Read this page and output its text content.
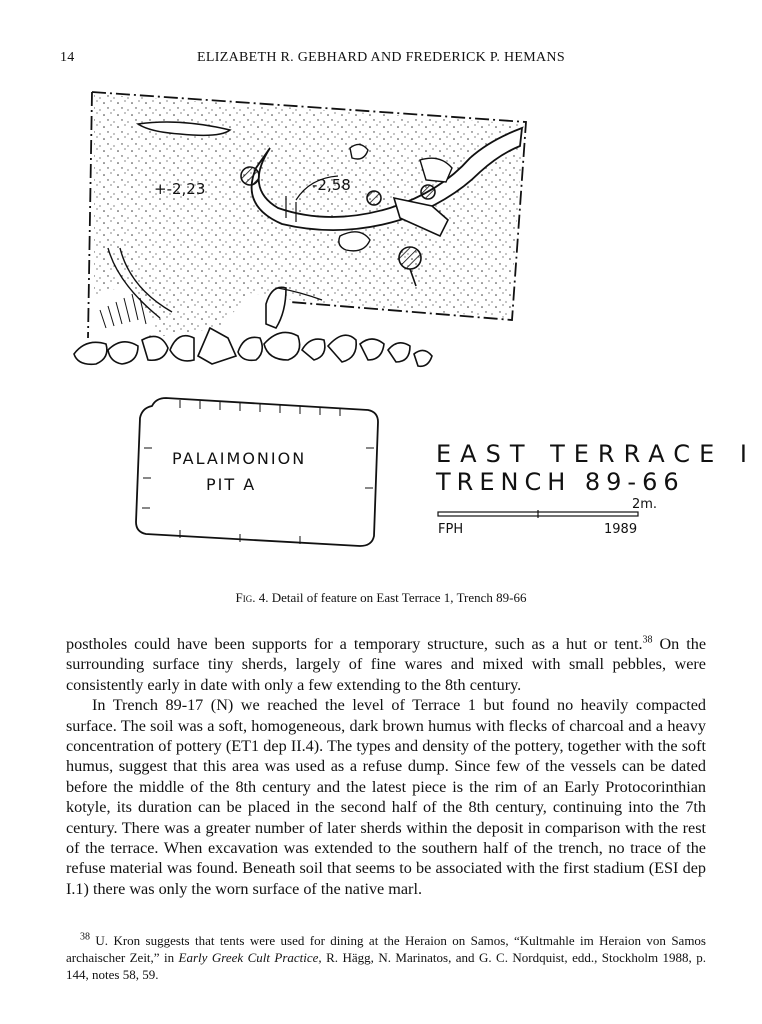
14	ELIZABETH R. GEBHARD AND FREDERICK P. HEMANS
+-2,23	-2,58
PALAIMONION
PIT A
EAST TERRACE I
TRENCH 89-66
2m.
FPH	1989
Fig. 4. Detail of feature on East Terrace 1, Trench 89-66

postholes could have been supports for a temporary structure, such as a hut or tent.$^{38}$ On the surrounding surface tiny sherds, largely of fine wares and mixed with small pebbles, were consistently early in date with only a few extending to the 8th century.

In Trench 89-17 (N) we reached the level of Terrace 1 but found no heavily compacted surface. The soil was a soft, homogeneous, dark brown humus with flecks of charcoal and a heavy concentration of pottery (ET1 dep II.4). The types and density of the pottery, together with the soft humus, suggest that this area was used as a refuse dump. Since few of the vessels can be dated before the middle of the 8th century and the latest piece is the rim of an Early Protocorinthian kotyle, its duration can be placed in the second half of the 8th century, continuing into the 7th century. There was a greater number of later sherds within the deposit in comparison with the rest of the terrace. When excavation was extended to the southern half of the trench, no trace of the refuse material was found. Beneath soil that seems to be associated with the first stadium (ESI dep I.1) there was only the worn surface of the native marl.

$^{38}$ U. Kron suggests that tents were used for dining at the Heraion on Samos, “Kultmahle im Heraion von Samos archaischer Zeit,” in Early Greek Cult Practice, R. Hägg, N. Marinatos, and G. C. Nordquist, edd., Stockholm 1988, p. 144, notes 58, 59.
